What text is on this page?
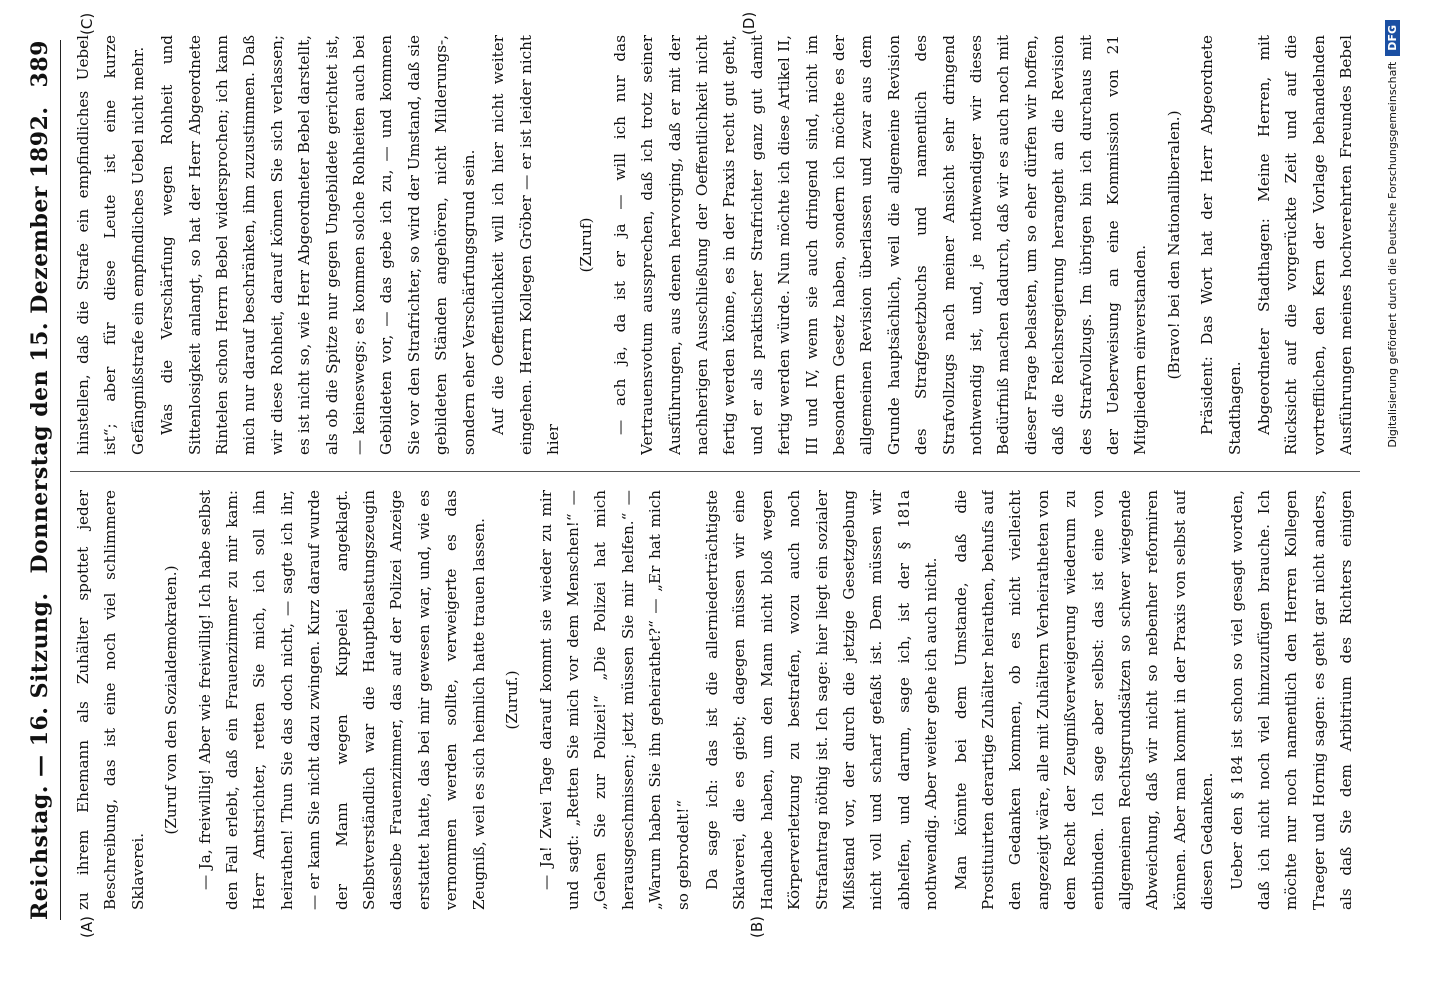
Reichstag. — 16. Sitzung.
Donnerstag den 15. Dezember 1892.
389
(A)	(B)
(C)	(D)

zu ihrem Ehemann als Zuhälter spottet jeder Beschreibung, das ist eine noch viel schlimmere Sklaverei.

(Zuruf von den Sozialdemokraten.)	— Ja, freiwillig! Aber wie freiwillig! Ich habe selbst den Fall erlebt, daß ein Frauenzimmer zu mir kam: Herr Amtsrichter, retten Sie mich, ich soll ihn heirathen! Thun Sie das doch nicht, — sagte ich ihr, — er kann Sie nicht dazu zwingen. Kurz darauf wurde der Mann wegen Kuppelei angeklagt. Selbstverständlich war die Hauptbelastungszeugin dasselbe Frauenzimmer, das auf der Polizei Anzeige erstattet hatte, das bei mir gewesen war, und, wie es vernommen werden sollte, verweigerte es das Zeugniß, weil es sich heimlich hatte trauen lassen.	(Zuruf.)	— Ja! Zwei Tage darauf kommt sie wieder zu mir und sagt: „Retten Sie mich vor dem Menschen!“ — „Gehen Sie zur Polizei!“ „Die Polizei hat mich herausgeschmissen; jetzt müssen Sie mir helfen.“ — „Warum haben Sie ihn geheirathet?“ — „Er hat mich so gebrodelt!“ Da sage ich: das ist die allerniederträchtigste Sklaverei, die es giebt; dagegen müssen wir eine Handhabe haben, um den Mann nicht bloß wegen Körperverletzung zu bestrafen, wozu auch noch Strafantrag nöthig ist. Ich sage: hier liegt ein sozialer Mißstand vor, der durch die jetzige Gesetzgebung nicht voll und scharf gefaßt ist. Dem müssen wir abhelfen, und darum, sage ich, ist der § 181a nothwendig. Aber weiter gehe ich auch nicht. Man könnte bei dem Umstande, daß die Prostituirten derartige Zuhälter heirathen, behufs auf den Gedanken kommen, ob es nicht vielleicht angezeigt wäre, alle mit Zuhältern Verheiratheten von dem Recht der Zeugnißverweigerung wiederum zu entbinden. Ich sage aber selbst: das ist eine von allgemeinen Rechtsgrundsätzen so schwer wiegende Abweichung, daß wir nicht so nebenher reformiren können. Aber man kommt in der Praxis von selbst auf diesen Gedanken. Ueber den § 184 ist schon so viel gesagt worden, daß ich nicht noch viel hinzuzufügen brauche. Ich möchte nur noch namentlich den Herren Kollegen Traeger und Hornig sagen: es geht gar nicht anders, als daß Sie dem Arbitrium des Richters einigen

hinstellen, daß die Strafe ein empfindliches Uebel ist“; aber für diese Leute ist eine kurze Gefängnißstrafe ein empfindliches Uebel nicht mehr. Was die Verschärfung wegen Rohheit und Sittenlosigkeit anlangt, so hat der Herr Abgeordnete Rintelen schon Herrn Bebel widersprochen; ich kann mich nur darauf beschränken, ihm zuzustimmen. Daß wir diese Rohheit, darauf können Sie sich verlassen; es ist nicht so, wie Herr Abgeordneter Bebel darstellt, als ob die Spitze nur gegen Ungebildete gerichtet ist, — keineswegs; es kommen solche Rohheiten auch bei Gebildeten vor, — das gebe ich zu, — und kommen Sie vor den Strafrichter, so wird der Umstand, daß sie gebildeten Ständen angehören, nicht Milderungs-, sondern eher Verschärfungsgrund sein. Auf die Oeffentlichkeit will ich hier nicht weiter eingehen. Herrn Kollegen Gröber — er ist leider nicht hier

(Zuruf)	— ach ja, da ist er ja — will ich nur das Vertrauensvotum aussprechen, daß ich trotz seiner Ausführungen, aus denen hervorging, daß er mit der nachherigen Ausschließung der Oeffentlichkeit nicht fertig werden könne, es in der Praxis recht gut geht, und er als praktischer Strafrichter ganz gut damit fertig werden würde. Nun möchte ich diese Artikel II, III und IV, wenn sie auch dringend sind, nicht im besondern Gesetz haben, sondern ich möchte es der allgemeinen Revision überlassen und zwar aus dem Grunde hauptsächlich, weil die allgemeine Revision des Strafgesetzbuchs und namentlich des Strafvollzugs nach meiner Ansicht sehr dringend nothwendig ist, und, je nothwendiger wir dieses Bedürfniß machen dadurch, daß wir es auch noch mit dieser Frage belasten, um so eher dürfen wir hoffen, daß die Reichsregierung herangeht an die Revision des Strafvollzugs. Im übrigen bin ich durchaus mit der Ueberweisung an eine Kommission von 21 Mitgliedern einverstanden.	(Bravo! bei den Nationalliberalen.)	Präsident: Das Wort hat der Herr Abgeordnete Stadthagen. Abgeordneter Stadthagen: Meine Herren, mit Rücksicht auf die vorgerückte Zeit und auf die vortrefflichen, den Kern der Vorlage behandelnden Ausführungen meines hochverehrten Freundes Bebel

Digitalisierung gefördert durch die Deutsche ForschungsgemeinschaftDFG
